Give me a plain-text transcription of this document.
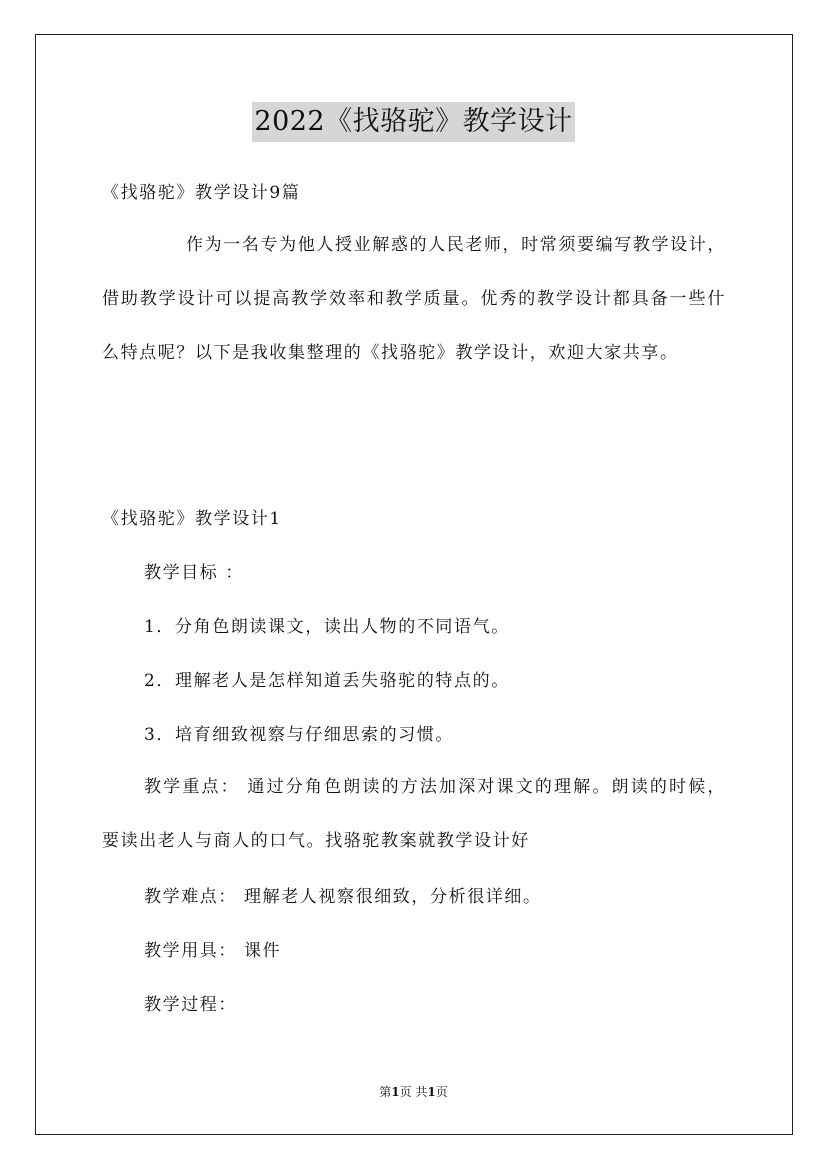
2022《找骆驼》教学设计
《找骆驼》教学设计9篇

作为一名专为他人授业解惑的人民老师，时常须要编写教学设计，借助教学设计可以提高教学效率和教学质量。优秀的教学设计都具备一些什么特点呢？以下是我收集整理的《找骆驼》教学设计，欢迎大家共享。

《找骆驼》教学设计1
教学目标 ：
1．分角色朗读课文，读出人物的不同语气。
2．理解老人是怎样知道丢失骆驼的特点的。
3．培育细致视察与仔细思索的习惯。

教学重点： 通过分角色朗读的方法加深对课文的理解。朗读的时候，要读出老人与商人的口气。找骆驼教案就教学设计好

教学难点： 理解老人视察很细致，分析很详细。
教学用具： 课件
教学过程：
第1页 共1页
